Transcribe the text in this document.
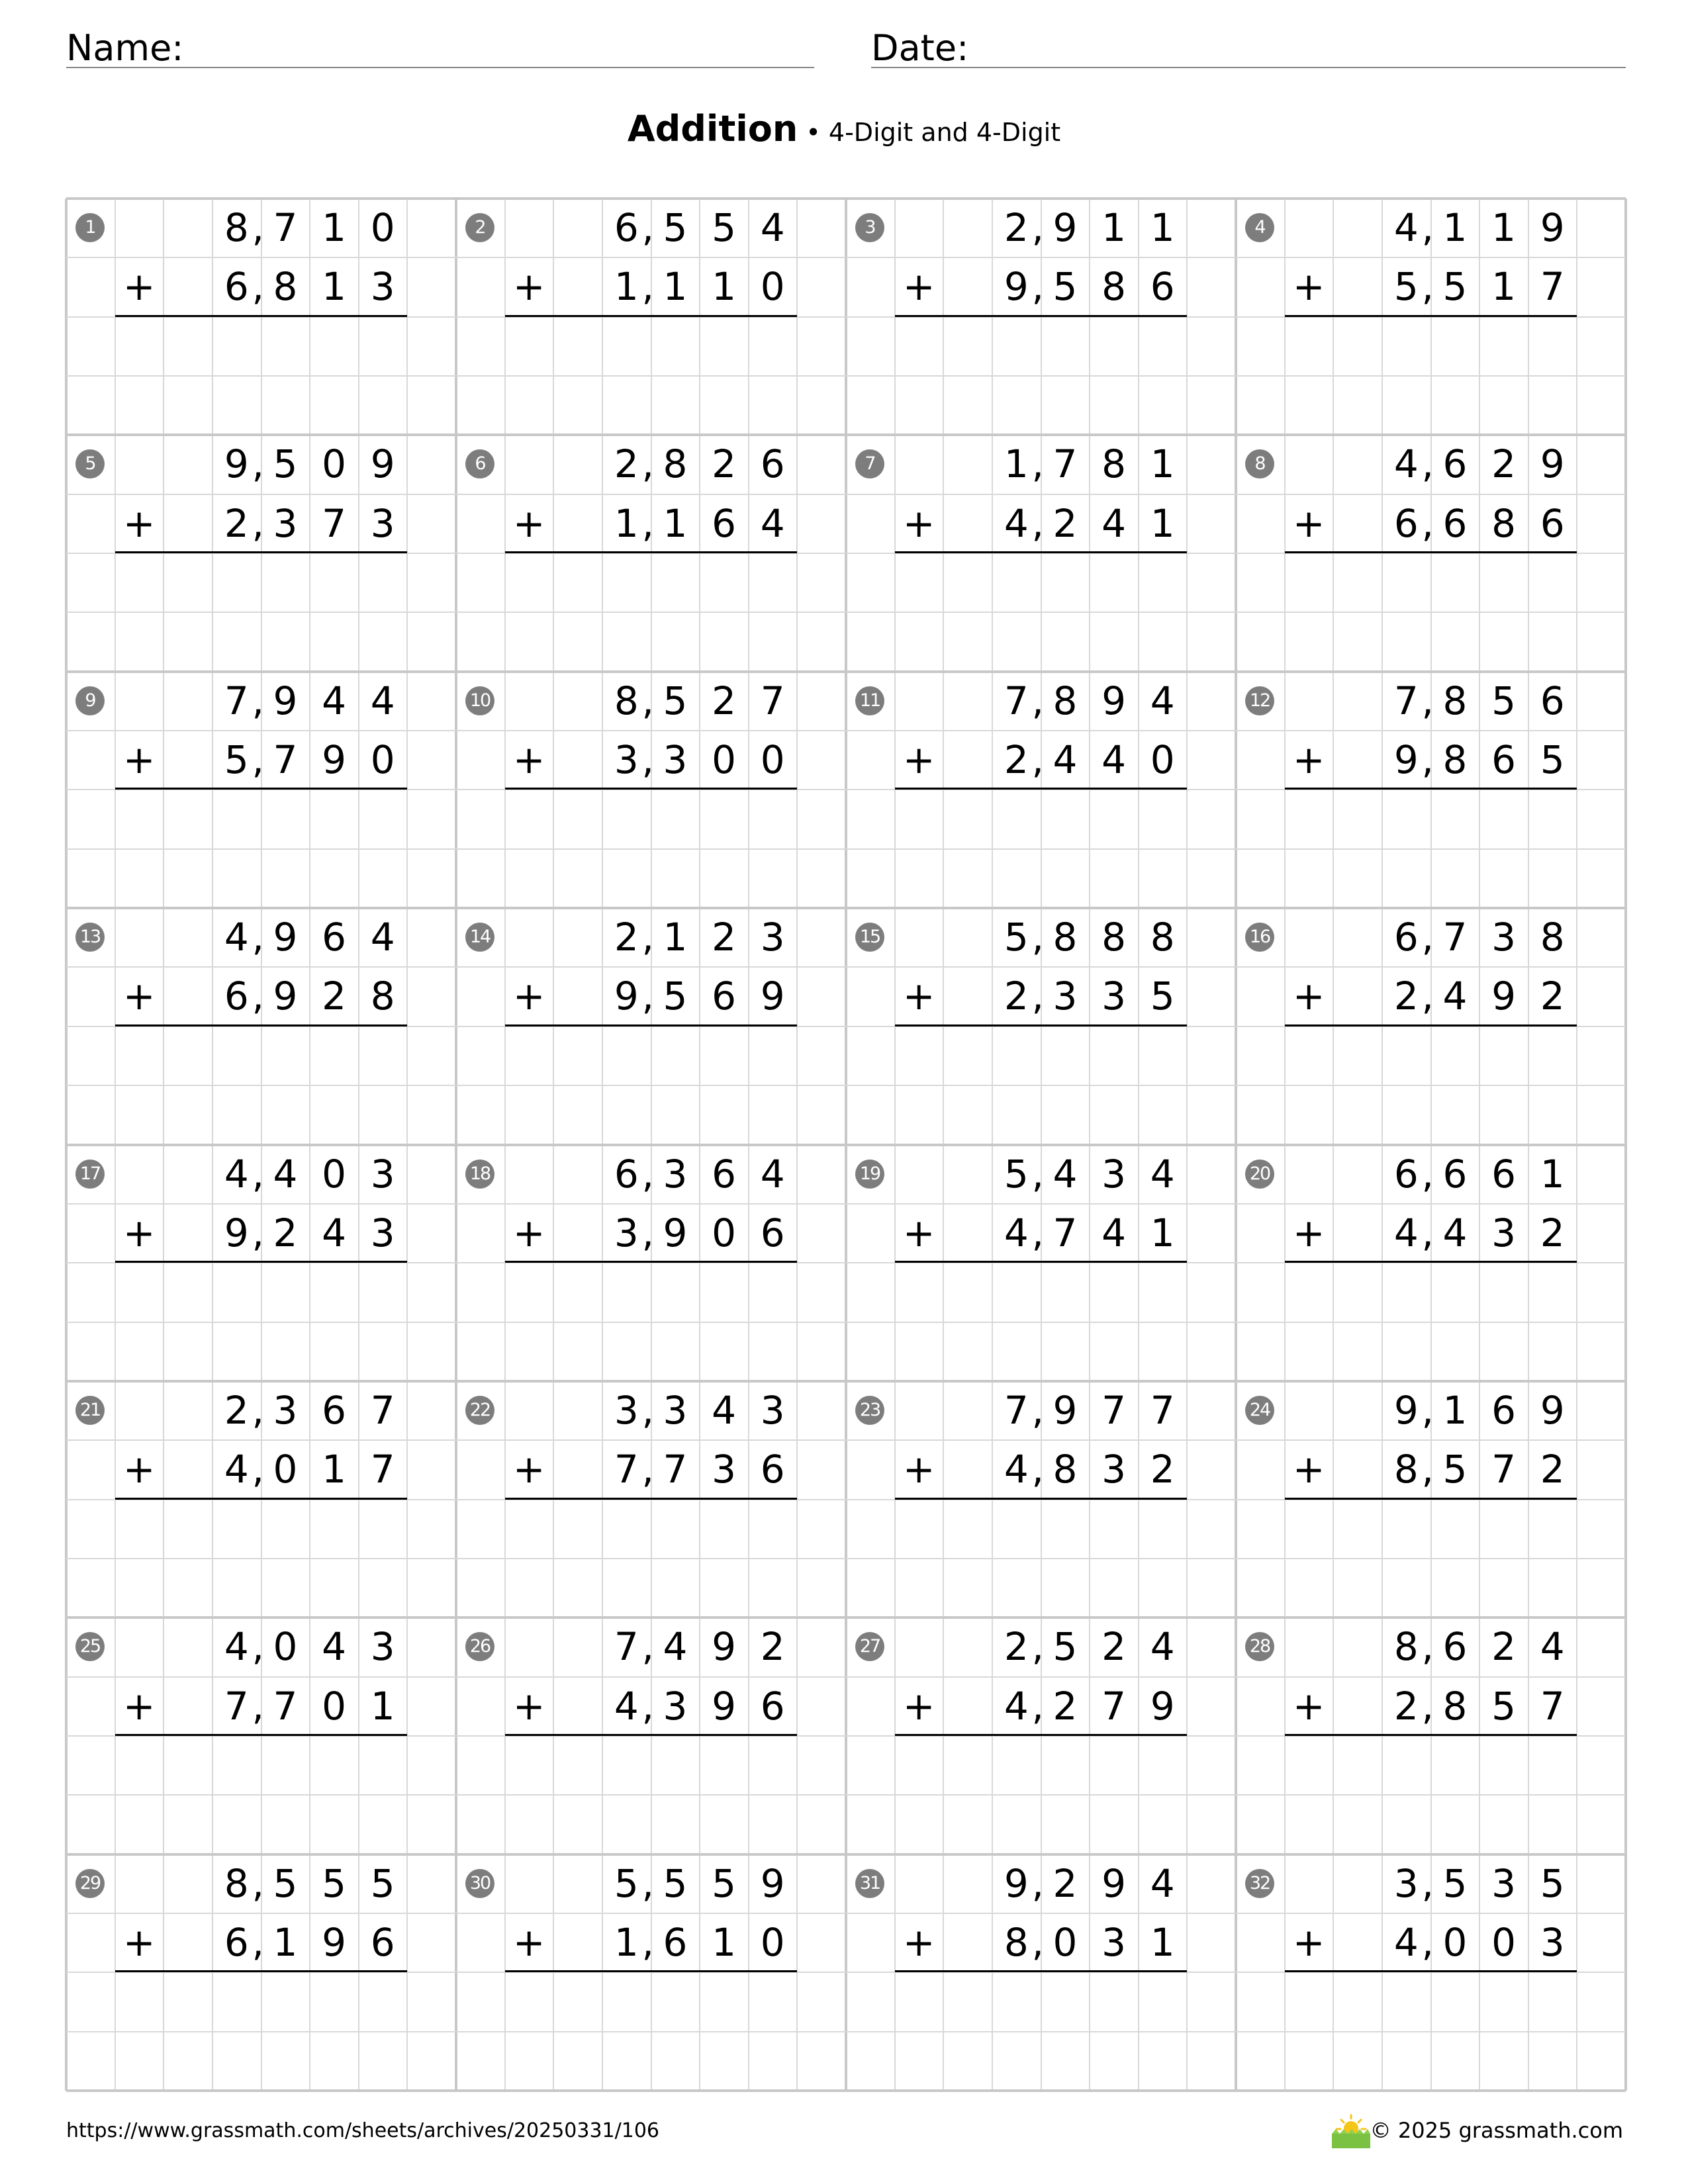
Name:	Date:
Addition • 4-Digit and 4-Digit
1	8 7 1 0
,
6 8 1 3
,
+
2	6 5 5 4
,
1 1 1 0
,
+
3	2 9 1 1
,
9 5 8 6
,
+
4	4 1 1 9
,
5 5 1 7
,
+
5	9 5 0 9
,
2 3 7 3
,
+
6	2 8 2 6
,
1 1 6 4
,
+
7	1 7 8 1
,
4 2 4 1
,
+
8	4 6 2 9
,
6 6 8 6
,
+
9	7 9 4 4
,
5 7 9 0
,
+
10	8 5 2 7
,
3 3 0 0
,
+
11	7 8 9 4
,
2 4 4 0
,
+
12	7 8 5 6
,
9 8 6 5
,
+
13	4 9 6 4
,
6 9 2 8
,
+
14	2 1 2 3
,
9 5 6 9
,
+
15	5 8 8 8
,
2 3 3 5
,
+
16	6 7 3 8
,
2 4 9 2
,
+
17	4 4 0 3
,
9 2 4 3
,
+
18	6 3 6 4
,
3 9 0 6
,
+
19	5 4 3 4
,
4 7 4 1
,
+
20	6 6 6 1
,
4 4 3 2
,
+
21	2 3 6 7
,
4 0 1 7
,
+
22	3 3 4 3
,
7 7 3 6
,
+
23	7 9 7 7
,
4 8 3 2
,
+
24	9 1 6 9
,
8 5 7 2
,
+
25	4 0 4 3
,
7 7 0 1
,
+
26	7 4 9 2
,
4 3 9 6
,
+
27	2 5 2 4
,
4 2 7 9
,
+
28	8 6 2 4
,
2 8 5 7
,
+
29	8 5 5 5
,
6 1 9 6
,
+
30	5 5 5 9
,
1 6 1 0
,
+
31	9 2 9 4
,
8 0 3 1
,
+
32	3 5 3 5
,
4 0 0 3
,
+
https://www.grassmath.com/sheets/archives/20250331/106	© 2025 grassmath.com
